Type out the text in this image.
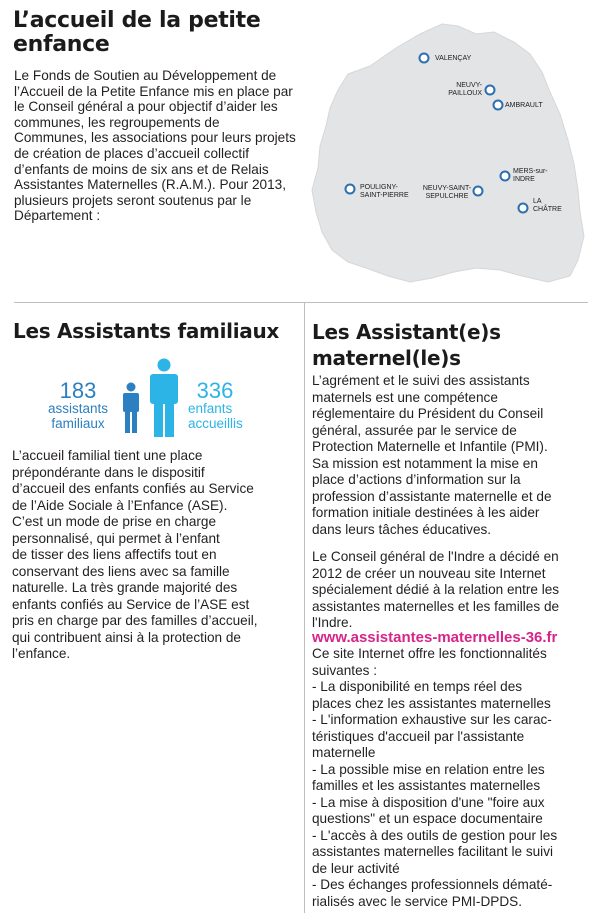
L’accueil de la petite
enfance

Le Fonds de Soutien au Développement de l’Accueil de la Petite Enfance mis en place par le Conseil général a pour objectif d’aider les communes, les regroupements de Communes, les associations pour leurs projets de création de places d’accueil collectif d’enfants de moins de six ans et de Relais Assistantes Maternelles (R.A.M.). Pour 2013, plusieurs projets seront soutenus par le Département :

VALENÇAY
NEUVY-
PAILLOUX
AMBRAULT
POULIGNY-
SAINT-PIERRE
NEUVY-SAINT-
SEPULCHRE
MERS-sur-
INDRE
LA
CHÂTRE
Les Assistants familiaux
183
assistants
familiaux
336
enfants
accueillis

L’accueil familial tient une place
prépondérante dans le dispositif
d’accueil des enfants confiés au Service
de l’Aide Sociale à l’Enfance (ASE).
C’est un mode de prise en charge
personnalisé, qui permet à l’enfant
de tisser des liens affectifs tout en
conservant des liens avec sa famille
naturelle. La très grande majorité des
enfants confiés au Service de l’ASE est
pris en charge par des familles d’accueil,
qui contribuent ainsi à la protection de
l’enfance.

Les Assistant(e)s
maternel(le)s

L’agrément et le suivi des assistants
maternels est une compétence
réglementaire du Président du Conseil
général, assurée par le service de
Protection Maternelle et Infantile (PMI).
Sa mission est notamment la mise en
place d’actions d’information sur la
profession d’assistante maternelle et de
formation initiale destinées à les aider
dans leurs tâches éducatives.

Le Conseil général de l'Indre a décidé en
2012 de créer un nouveau site Internet
spécialement dédié à la relation entre les
assistantes maternelles et les familles de
l'Indre.

www.assistantes-maternelles-36.fr

Ce site Internet offre les fonctionnalités
suivantes :
- La disponibilité en temps réel des
places chez les assistantes maternelles
- L'information exhaustive sur les carac-
téristiques d'accueil par l'assistante
maternelle
- La possible mise en relation entre les
familles et les assistantes maternelles
- La mise à disposition d'une "foire aux
questions" et un espace documentaire
- L'accès à des outils de gestion pour les
assistantes maternelles facilitant le suivi
de leur activité
- Des échanges professionnels dématé-
rialisés avec le service PMI-DPDS.
